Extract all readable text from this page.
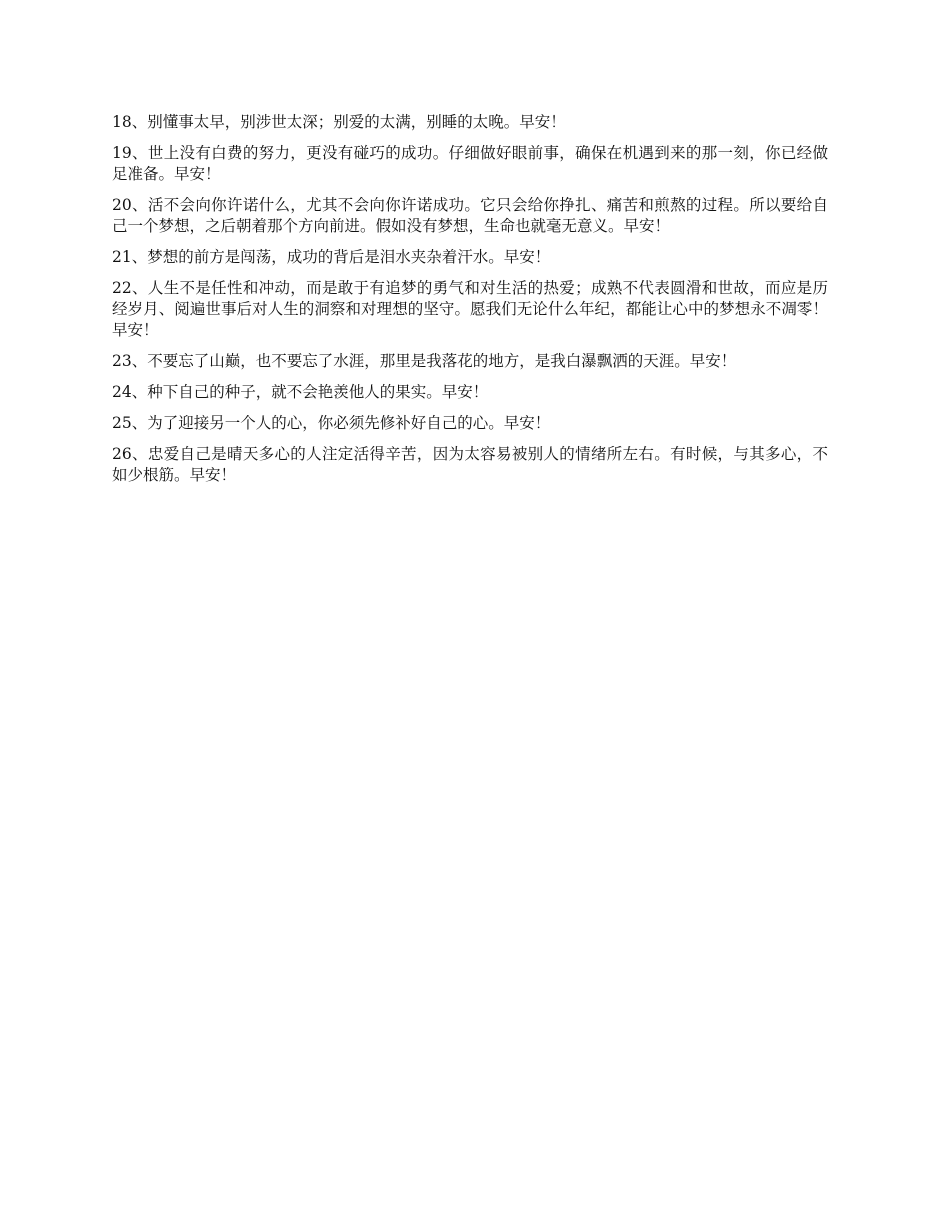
18、别懂事太早，别涉世太深；别爱的太满，别睡的太晚。早安！

19、世上没有白费的努力，更没有碰巧的成功。仔细做好眼前事，确保在机遇到来的那一刻，你已经做足准备。早安！

20、活不会向你许诺什么，尤其不会向你许诺成功。它只会给你挣扎、痛苦和煎熬的过程。所以要给自己一个梦想，之后朝着那个方向前进。假如没有梦想，生命也就毫无意义。早安！

21、梦想的前方是闯荡，成功的背后是泪水夹杂着汗水。早安！

22、人生不是任性和冲动，而是敢于有追梦的勇气和对生活的热爱；成熟不代表圆滑和世故，而应是历经岁月、阅遍世事后对人生的洞察和对理想的坚守。愿我们无论什么年纪，都能让心中的梦想永不凋零！早安！

23、不要忘了山巅，也不要忘了水涯，那里是我落花的地方，是我白瀑飘洒的天涯。早安！

24、种下自己的种子，就不会艳羡他人的果实。早安！

25、为了迎接另一个人的心，你必须先修补好自己的心。早安！

26、忠爱自己是晴天多心的人注定活得辛苦，因为太容易被别人的情绪所左右。有时候，与其多心，不如少根筋。早安！
